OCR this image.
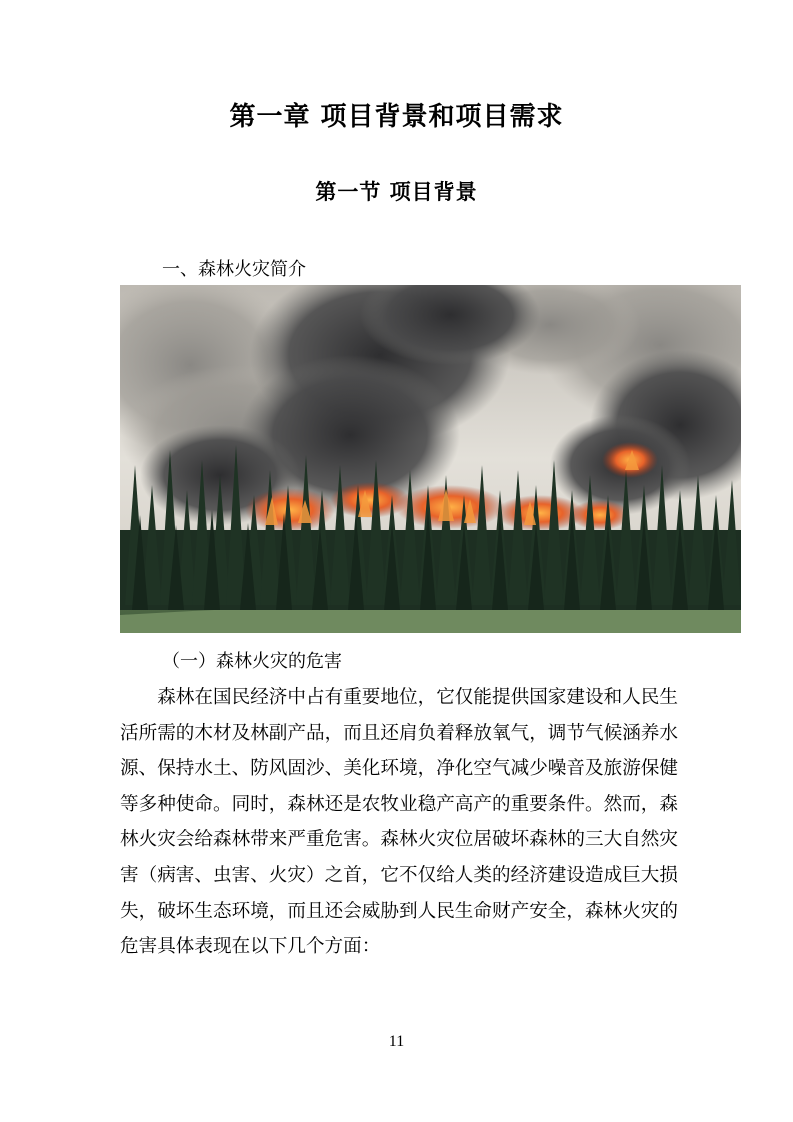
第一章 项目背景和项目需求
第一节 项目背景
一、森林火灾简介
（一）森林火灾的危害

森林在国民经济中占有重要地位，它仅能提供国家建设和人民生活所需的木材及林副产品，而且还肩负着释放氧气，调节气候涵养水源、保持水土、防风固沙、美化环境，净化空气减少噪音及旅游保健等多种使命。同时，森林还是农牧业稳产高产的重要条件。然而，森林火灾会给森林带来严重危害。森林火灾位居破坏森林的三大自然灾害（病害、虫害、火灾）之首，它不仅给人类的经济建设造成巨大损失，破坏生态环境，而且还会威胁到人民生命财产安全，森林火灾的危害具体表现在以下几个方面：

11
